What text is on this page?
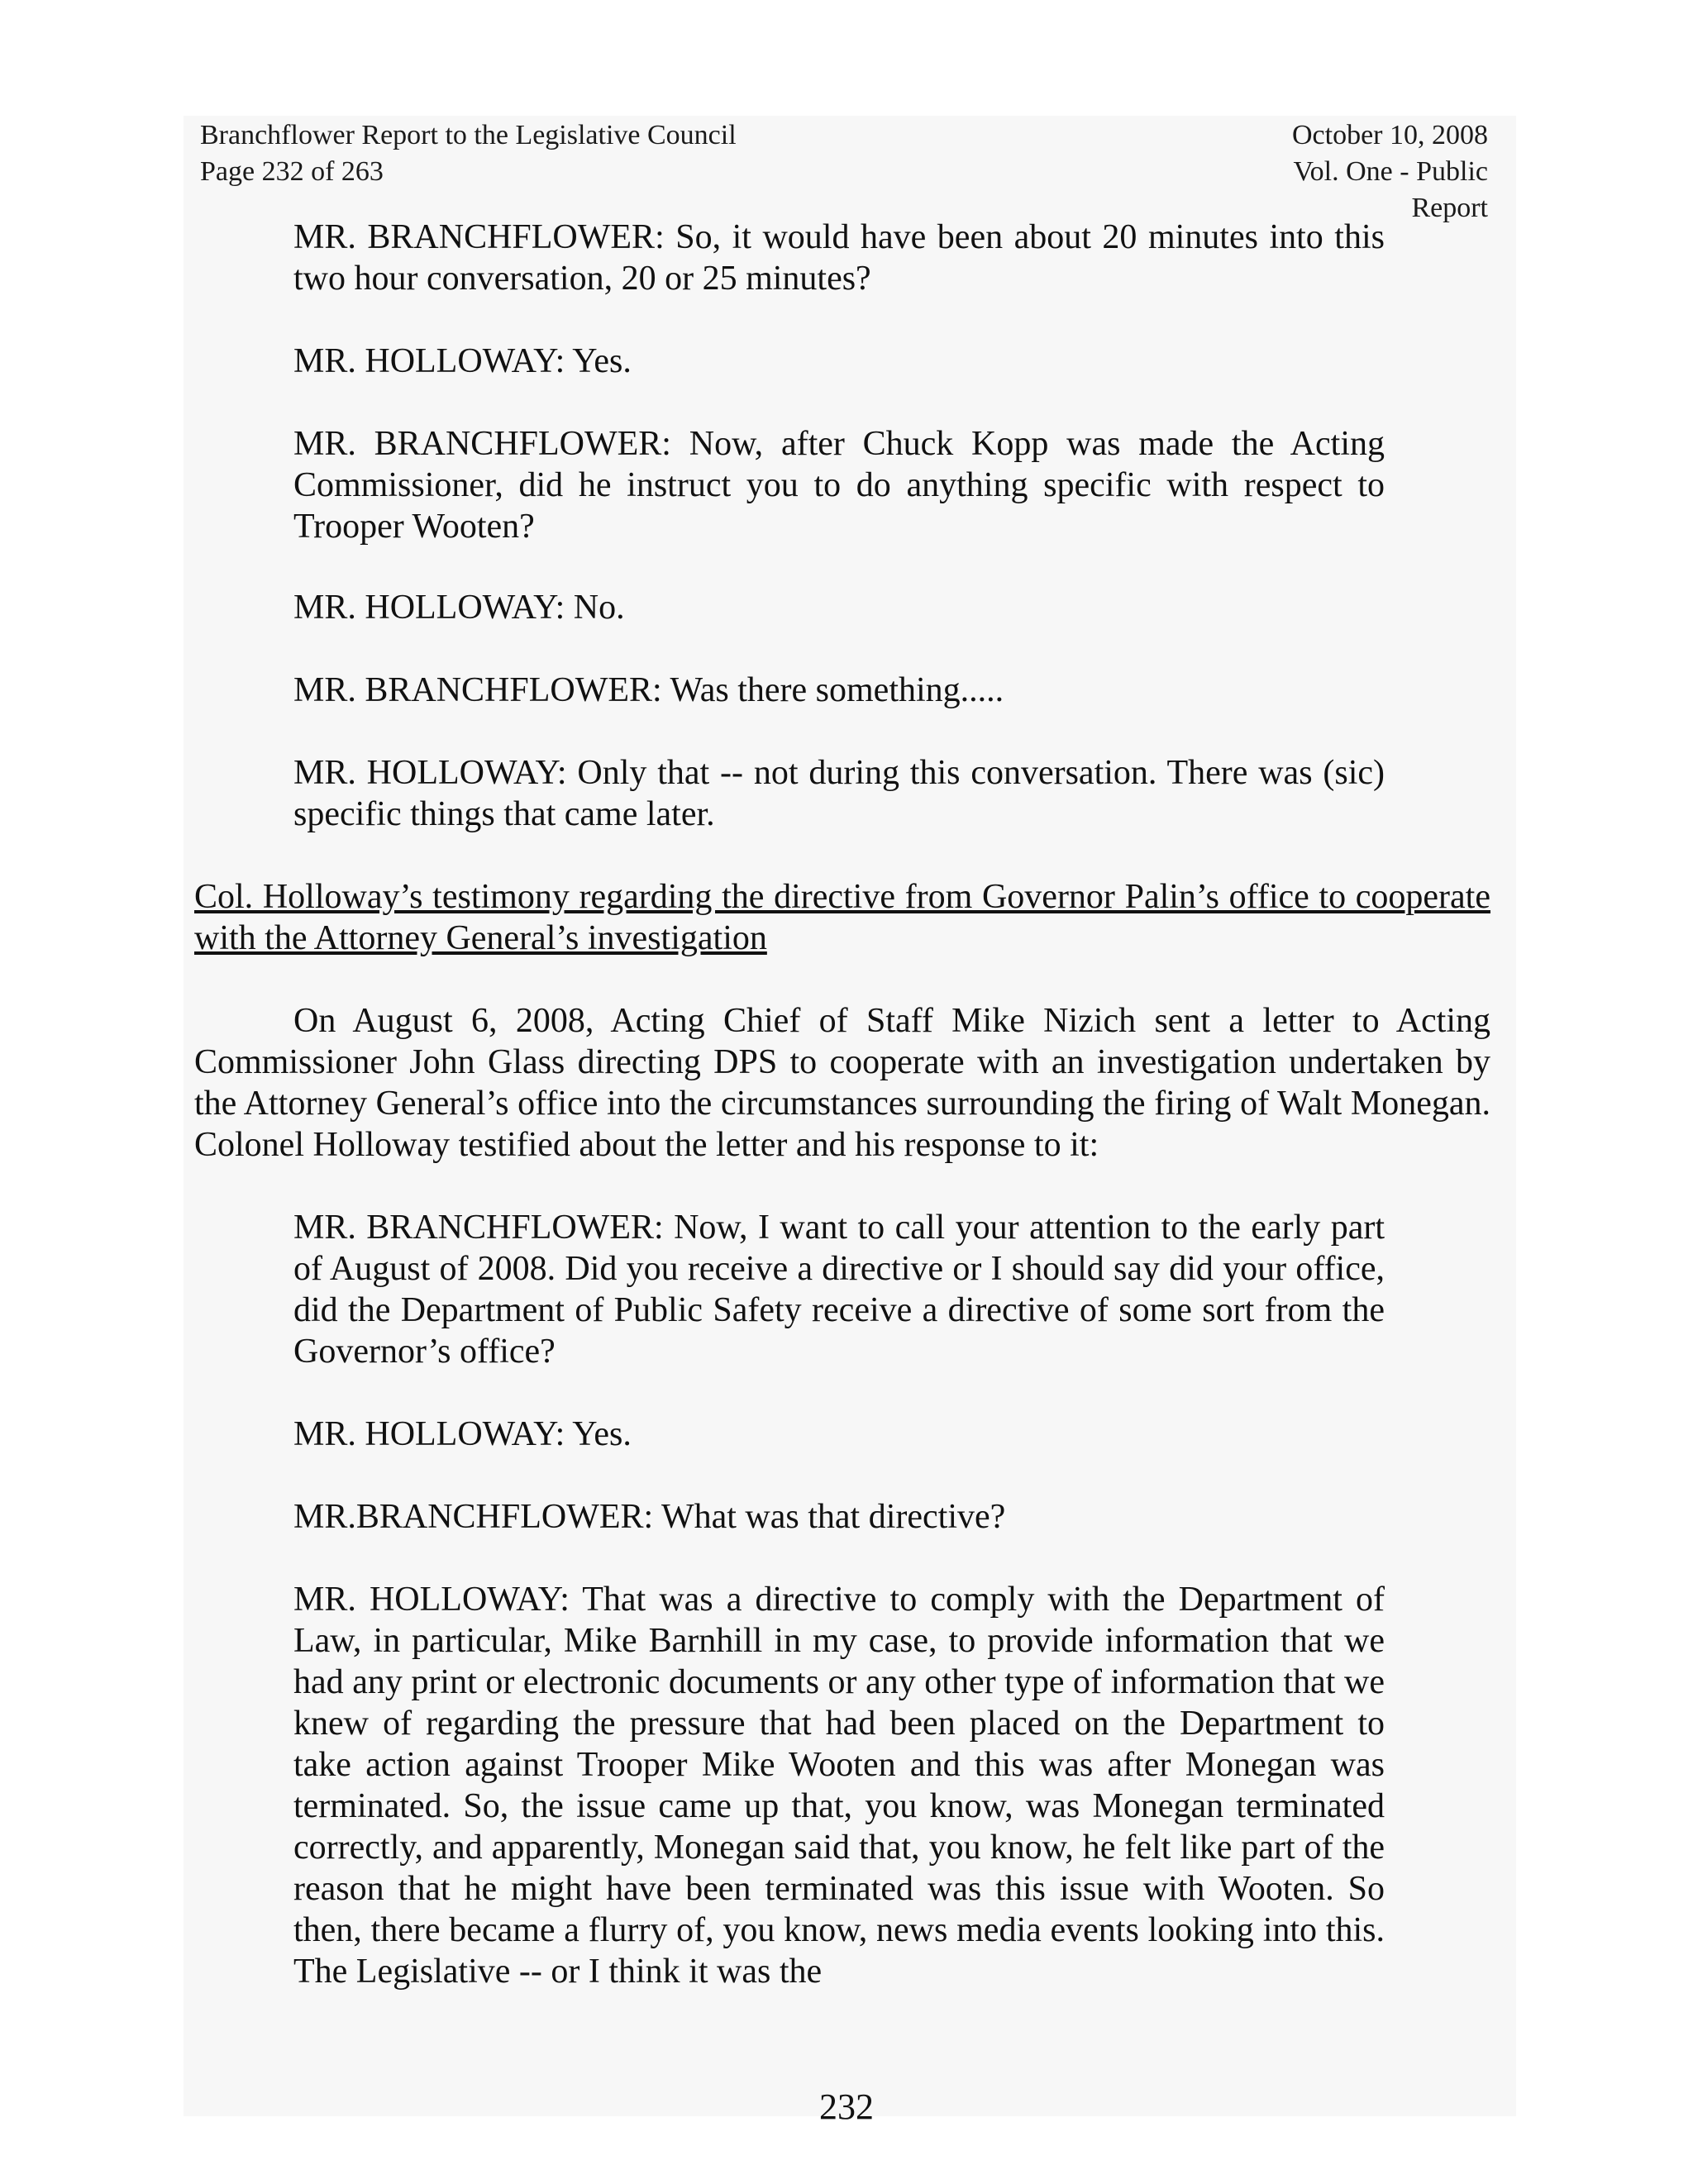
Branchflower Report to the Legislative Council
Page 232 of 263
October 10, 2008
Vol. One - Public Report

MR. BRANCHFLOWER: So, it would have been about 20 minutes into this two hour conversation, 20 or 25 minutes?

MR. HOLLOWAY: Yes.

MR. BRANCHFLOWER: Now, after Chuck Kopp was made the Acting Commissioner, did he instruct you to do anything specific with respect to Trooper Wooten?

MR. HOLLOWAY: No.

MR. BRANCHFLOWER: Was there something.....

MR. HOLLOWAY: Only that -- not during this conversation. There was (sic) specific things that came later.

Col. Holloway’s testimony regarding the directive from Governor Palin’s office to cooperate with the Attorney General’s investigation

On August 6, 2008, Acting Chief of Staff Mike Nizich sent a letter to Acting Commissioner John Glass directing DPS to cooperate with an investigation undertaken by the Attorney General’s office into the circumstances surrounding the firing of Walt Monegan. Colonel Holloway testified about the letter and his response to it:

MR. BRANCHFLOWER: Now, I want to call your attention to the early part of August of 2008. Did you receive a directive or I should say did your office, did the Department of Public Safety receive a directive of some sort from the Governor’s office?

MR. HOLLOWAY: Yes.

MR.BRANCHFLOWER: What was that directive?

MR. HOLLOWAY: That was a directive to comply with the Department of Law, in particular, Mike Barnhill in my case, to provide information that we had any print or electronic documents or any other type of information that we knew of regarding the pressure that had been placed on the Department to take action against Trooper Mike Wooten and this was after Monegan was terminated. So, the issue came up that, you know, was Monegan terminated correctly, and apparently, Monegan said that, you know, he felt like part of the reason that he might have been terminated was this issue with Wooten. So then, there became a flurry of, you know, news media events looking into this. The Legislative -- or I think it was the

232
